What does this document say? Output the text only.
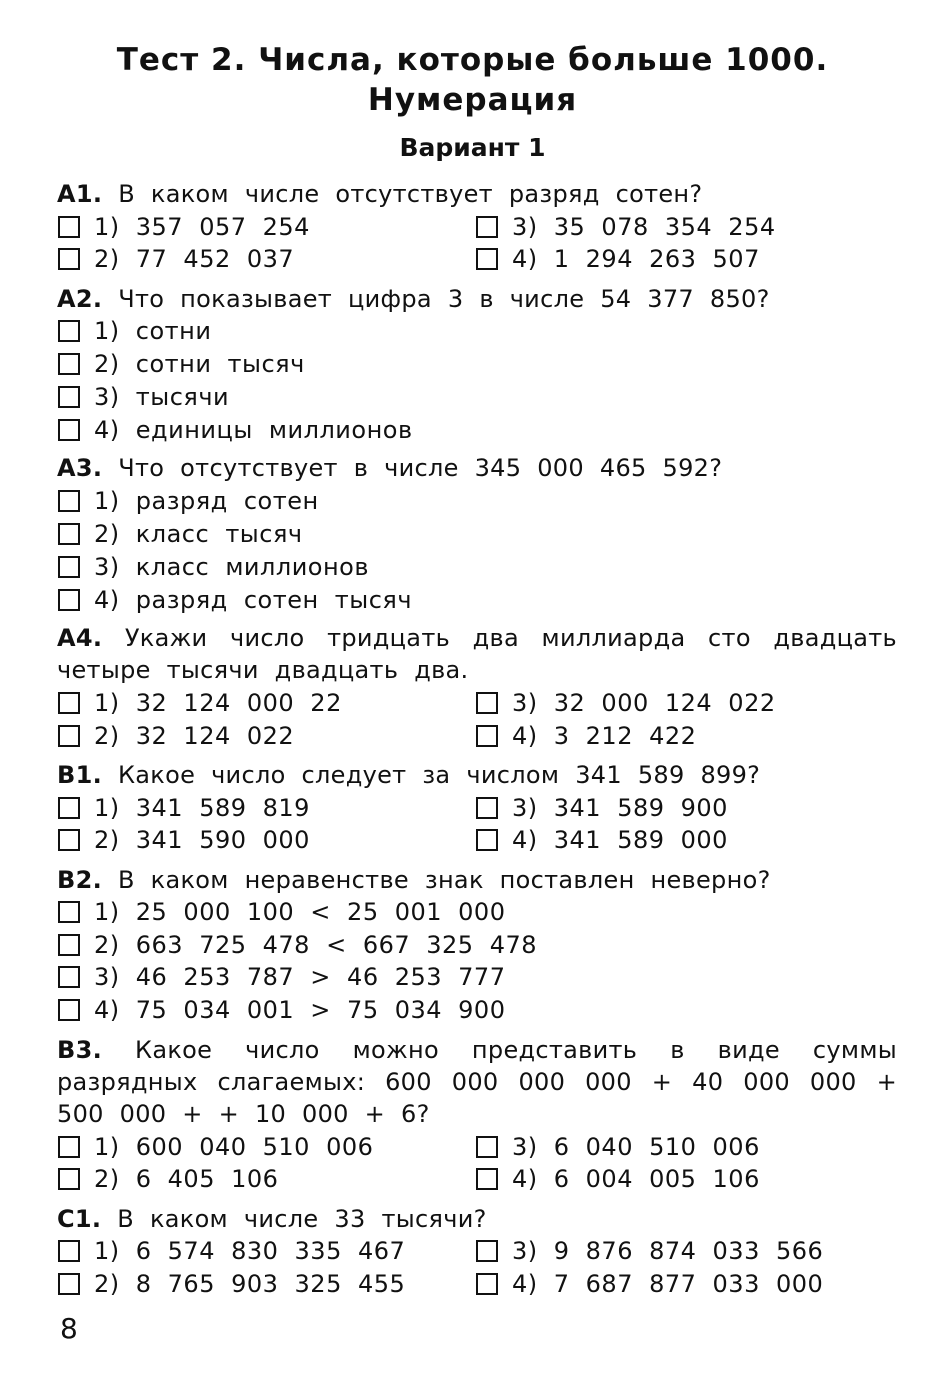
Тест 2. Числа, которые больше 1000.
Нумерация
Вариант 1
A1. В каком числе отсутствует разряд сотен?
1) 357 057 254
2) 77 452 037
3) 35 078 354 254
4) 1 294 263 507
A2. Что показывает цифра 3 в числе 54 377 850?
1) сотни
2) сотни тысяч
3) тысячи
4) единицы миллионов
A3. Что отсутствует в числе 345 000 465 592?
1) разряд сотен
2) класс тысяч
3) класс миллионов
4) разряд сотен тысяч
A4. Укажи число тридцать два миллиарда сто двадцать четыре тысячи двадцать два.
1) 32 124 000 22
2) 32 124 022
3) 32 000 124 022
4) 3 212 422
B1. Какое число следует за числом 341 589 899?
1) 341 589 819
2) 341 590 000
3) 341 589 900
4) 341 589 000
B2. В каком неравенстве знак поставлен неверно?
1) 25 000 100 < 25 001 000
2) 663 725 478 < 667 325 478
3) 46 253 787 > 46 253 777
4) 75 034 001 > 75 034 900
B3. Какое число можно представить в виде суммы разрядных слагаемых: 600 000 000 000 + 40 000 000 + 500 000 + + 10 000 + 6?
1) 600 040 510 006
2) 6 405 106
3) 6 040 510 006
4) 6 004 005 106
C1. В каком числе 33 тысячи?
1) 6 574 830 335 467
2) 8 765 903 325 455
3) 9 876 874 033 566
4) 7 687 877 033 000
8
